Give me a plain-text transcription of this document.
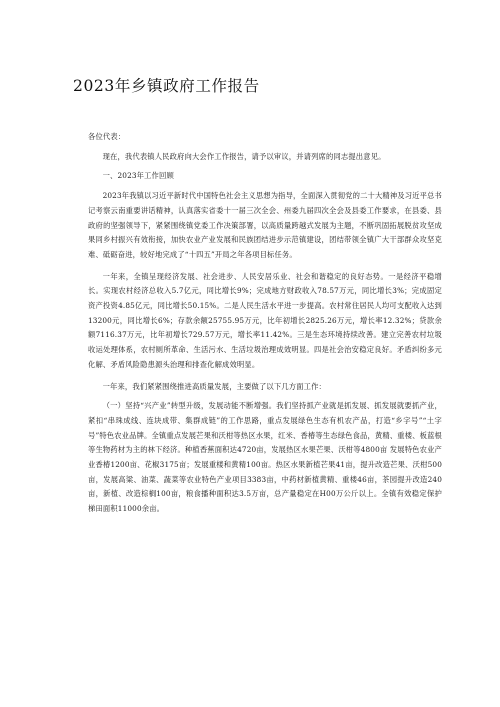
2023年乡镇政府工作报告

各位代表：

现在，我代表镇人民政府向大会作工作报告，请予以审议，并请列席的同志提出意见。

一、2023年工作回顾

2023年我镇以习近平新时代中国特色社会主义思想为指导，全面深入贯彻党的二十大精神及习近平总书记考察云南重要讲话精神，认真落实省委十一届三次全会、州委九届四次全会及县委工作要求，在县委、县政府的坚强领导下，紧紧围绕镇党委工作决策部署，以高质量跨越式发展为主题，不断巩固拓展脱贫攻坚成果同乡村振兴有效衔接，加快农业产业发展和民族团结进步示范镇建设，团结带领全镇广大干部群众攻坚克难、砥砺奋进，较好地完成了“十四五”开局之年各项目标任务。

一年来，全镇呈现经济发展、社会进步、人民安居乐业、社会和谐稳定的良好态势。一是经济平稳增长。实现农村经济总收入5.7亿元，同比增长9%；完成地方财政收入78.57万元，同比增长3%；完成固定资产投资4.85亿元，同比增长50.15%。二是人民生活水平进一步提高。农村常住居民人均可支配收入达到13200元，同比增长6%；存款余额25755.95万元，比年初增长2825.26万元，增长率12.32%；贷款余额7116.37万元，比年初增长729.57万元，增长率11.42%。三是生态环境持续改善。建立完善农村垃圾收运处理体系，农村厕所革命、生活污水、生活垃圾治理成效明显。四是社会治安稳定良好。矛盾纠纷多元化解、矛盾风险隐患源头治理和排查化解成效明显。

一年来，我们紧紧围绕推进高质量发展，主要做了以下几方面工作：

（一）坚持“兴产业”转型升级，发展动能不断增强。我们坚持抓产业就是抓发展、抓发展就要抓产业，紧扣“串珠成线、连块成带、集群成链”的工作思路，重点发展绿色生态有机农产品，打造“乡字号”“土字号”特色农业品牌。全镇重点发展芒果和沃柑等热区水果，红米、香椿等生态绿色食品，黄精、重楼、板蓝根等生物药材为主的林下经济。种植香蕉面积达4720亩，发展热区水果芒果、沃柑等4800亩 发展特色农业产业香椿1200亩、花椒3175亩；发展重楼和黄精100亩。热区水果新植芒果41亩，提升改造芒果、沃柑500亩，发展高粱、油菜、蔬菜等农业特色产业项目3383亩，中药材新植黄精、重楼46亩，茶园提升改造240亩，新植、改造棕榈100亩，粮食播种面积达3.5万亩，总产量稳定在H00万公斤以上。全镇有效稳定保护梯田面积11000余亩。
